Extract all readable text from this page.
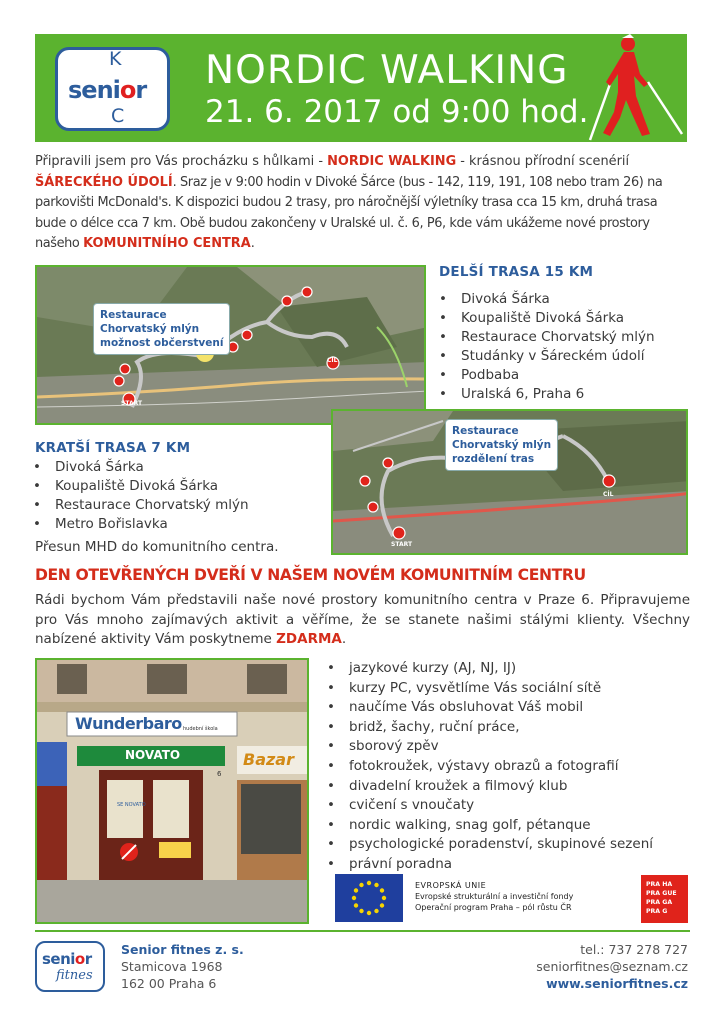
K
senior
C
NORDIC WALKING
21. 6. 2017 od 9:00 hod.
Připravili jsem pro Vás procházku s hůlkami - NORDIC WALKING - krásnou přírodní scenérií ŠÁRECKÉHO ÚDOLÍ. Sraz je v 9:00 hodin v Divoké Šárce (bus - 142, 119, 191, 108 nebo tram 26) na parkovišti McDonald's. K dispozici budou 2 trasy, pro náročnější výletníky trasa cca 15 km, druhá trasa bude o délce cca 7 km. Obě budou zakončeny v Uralské ul. č. 6, P6, kde vám ukážeme nové prostory našeho KOMUNITNÍHO CENTRA.
Restaurace
Chorvatský mlýn
možnost občerstvení
START
CÍL
DELŠÍ TRASA 15 KM
• Divoká Šárka
• Koupaliště Divoká Šárka
• Restaurace Chorvatský mlýn
• Studánky v Šáreckém údolí
• Podbaba
• Uralská 6, Praha 6
Restaurace
Chorvatský mlýn
rozdělení tras
START
CÍL
KRATŠÍ TRASA 7 KM
• Divoká Šárka
• Koupaliště Divoká Šárka
• Restaurace Chorvatský mlýn
• Metro Bořislavka
Přesun MHD do komunitního centra.
DEN OTEVŘENÝCH DVEŘÍ V NAŠEM NOVÉM KOMUNITNÍM CENTRU
Rádi bychom Vám představili naše nové prostory komunitního centra v Praze 6. Připravujeme pro Vás mnoho zajímavých aktivit a věříme, že se stanete našimi stálými klienty. Všechny nabízené aktivity Vám poskytneme ZDARMA.
Wunderbaro hudební škola
NOVATO	Bazar
6
SE NOVATO
• jazykové kurzy (AJ, NJ, IJ)
• kurzy PC, vysvětlíme Vás sociální sítě
• naučíme Vás obsluhovat Váš mobil
• bridž, šachy, ruční práce,
• sborový zpěv
• fotokroužek, výstavy obrazů a fotografií
• divadelní kroužek a filmový klub
• cvičení s vnoučaty
• nordic walking, snag golf, pétanque
• psychologické poradenství, skupinové sezení
• právní poradna
EVROPSKÁ UNIE
Evropské strukturální a investiční fondy
Operační program Praha – pól růstu ČR
PRA HA
PRA GUE
PRA GA
PRA G
senior
fitnes
Senior fitnes z. s.
Stamicova 1968
162 00 Praha 6
tel.: 737 278 727
seniorfitnes@seznam.cz
www.seniorfitnes.cz
